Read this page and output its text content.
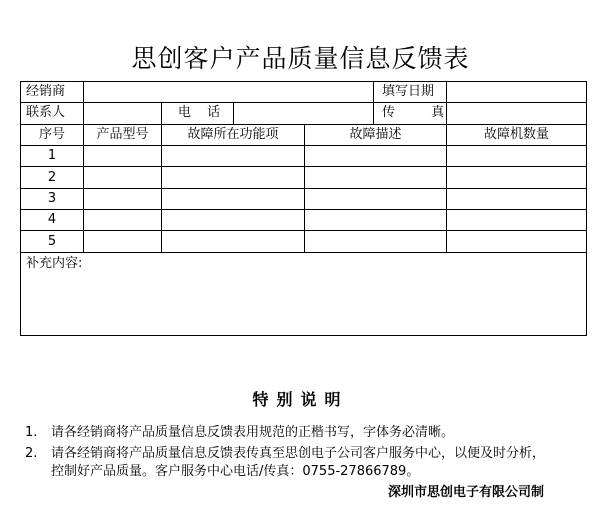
思创客户产品质量信息反馈表
经销商	填写日期
联系人	电 话	传 真
序号	产品型号	故障所在功能项	故障描述	故障机数量
1
2
3
4
5
补充内容:
特别说明
1. 请各经销商将产品质量信息反馈表用规范的正楷书写，字体务必清晰。
2. 请各经销商将产品质量信息反馈表传真至思创电子公司客户服务中心，以便及时分析，
控制好产品质量。客户服务中心电话/传真：0755-27866789。
深圳市思创电子有限公司制
